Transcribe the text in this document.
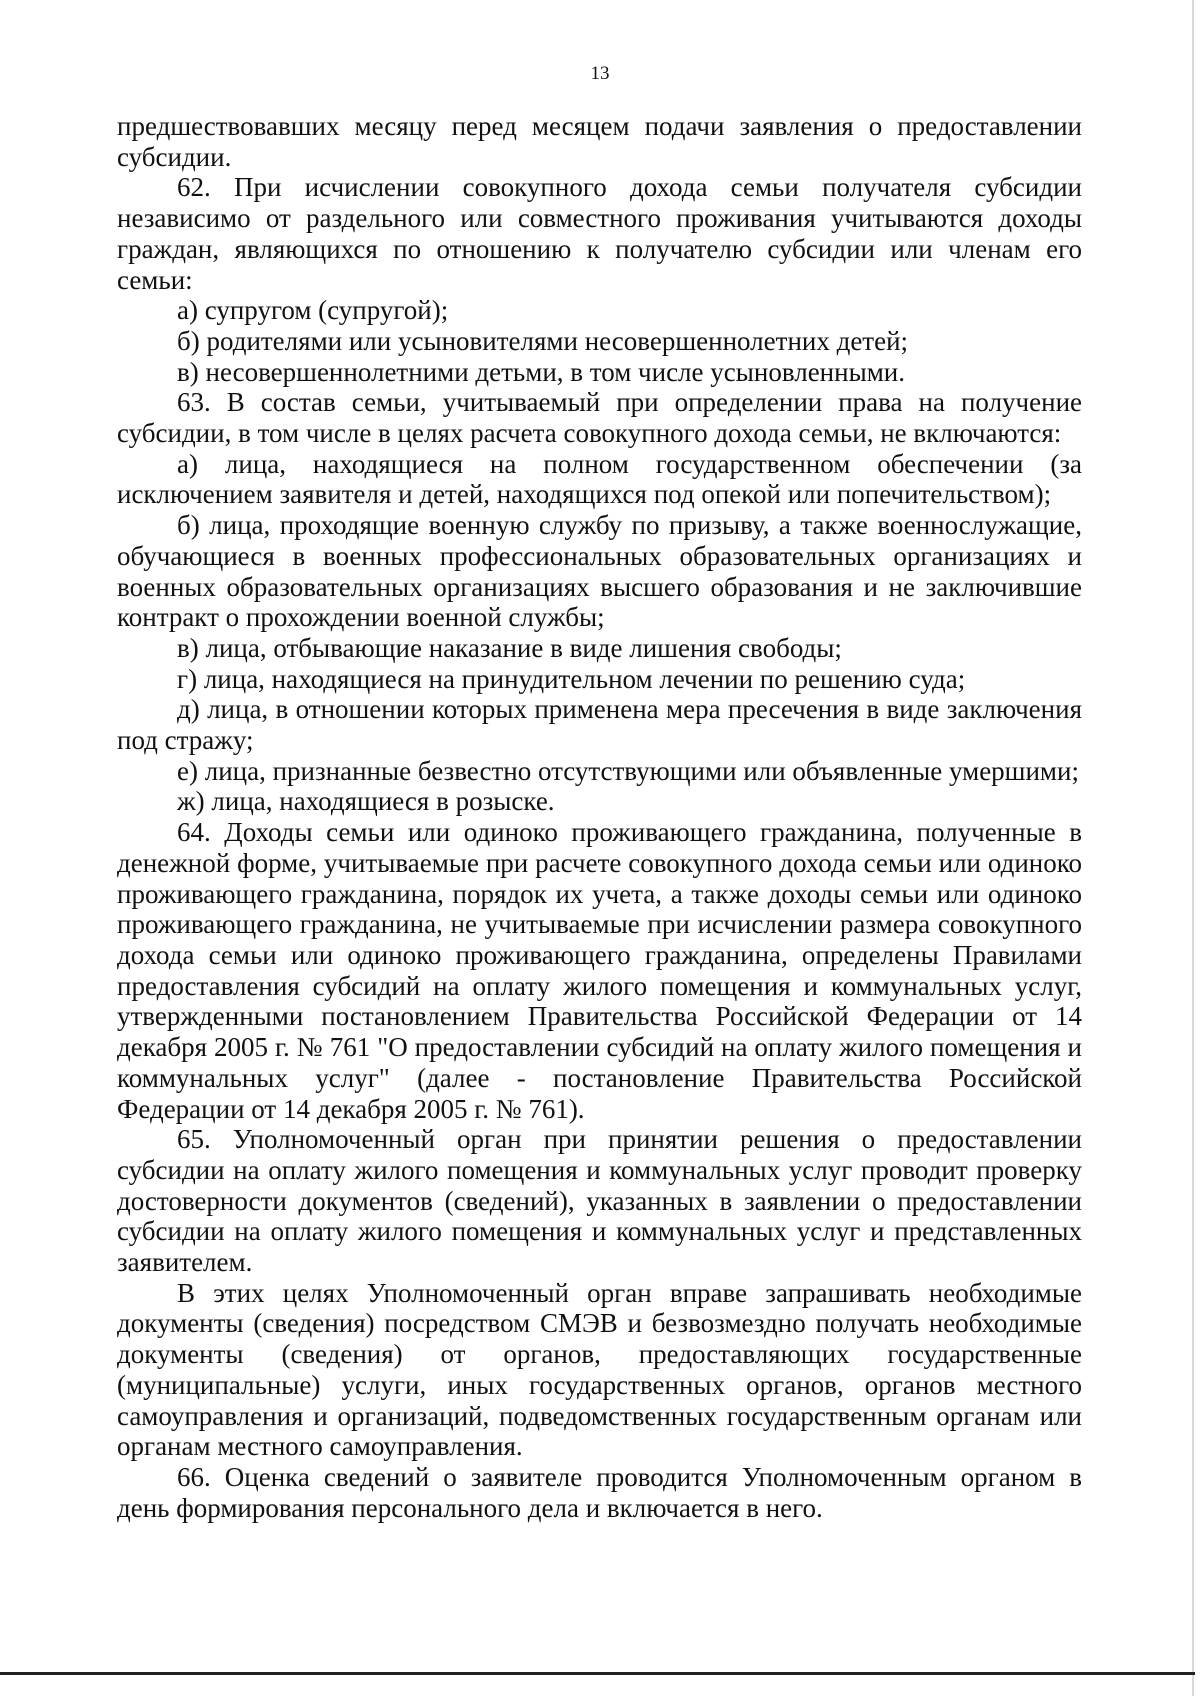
13

предшествовавших месяцу перед месяцем подачи заявления о предоставлении субсидии.

62. При исчислении совокупного дохода семьи получателя субсидии независимо от раздельного или совместного проживания учитываются доходы граждан, являющихся по отношению к получателю субсидии или членам его семьи:

а) супругом (супругой);

б) родителями или усыновителями несовершеннолетних детей;

в) несовершеннолетними детьми, в том числе усыновленными.

63. В состав семьи, учитываемый при определении права на получение субсидии, в том числе в целях расчета совокупного дохода семьи, не включаются:

а) лица, находящиеся на полном государственном обеспечении (за исключением заявителя и детей, находящихся под опекой или попечительством);

б) лица, проходящие военную службу по призыву, а также военнослужащие, обучающиеся в военных профессиональных образовательных организациях и военных образовательных организациях высшего образования и не заключившие контракт о прохождении военной службы;

в) лица, отбывающие наказание в виде лишения свободы;

г) лица, находящиеся на принудительном лечении по решению суда;

д) лица, в отношении которых применена мера пресечения в виде заключения под стражу;

е) лица, признанные безвестно отсутствующими или объявленные умершими;

ж) лица, находящиеся в розыске.

64. Доходы семьи или одиноко проживающего гражданина, полученные в денежной форме, учитываемые при расчете совокупного дохода семьи или одиноко проживающего гражданина, порядок их учета, а также доходы семьи или одиноко проживающего гражданина, не учитываемые при исчислении размера совокупного дохода семьи или одиноко проживающего гражданина, определены Правилами предоставления субсидий на оплату жилого помещения и коммунальных услуг, утвержденными постановлением Правительства Российской Федерации от 14 декабря 2005 г. № 761 "О предоставлении субсидий на оплату жилого помещения и коммунальных услуг" (далее - постановление Правительства Российской Федерации от 14 декабря 2005 г. № 761).

65. Уполномоченный орган при принятии решения о предоставлении субсидии на оплату жилого помещения и коммунальных услуг проводит проверку достоверности документов (сведений), указанных в заявлении о предоставлении субсидии на оплату жилого помещения и коммунальных услуг и представленных заявителем.

В этих целях Уполномоченный орган вправе запрашивать необходимые документы (сведения) посредством СМЭВ и безвозмездно получать необходимые документы (сведения) от органов, предоставляющих государственные (муниципальные) услуги, иных государственных органов, органов местного самоуправления и организаций, подведомственных государственным органам или органам местного самоуправления.

66. Оценка сведений о заявителе проводится Уполномоченным органом в день формирования персонального дела и включается в него.
